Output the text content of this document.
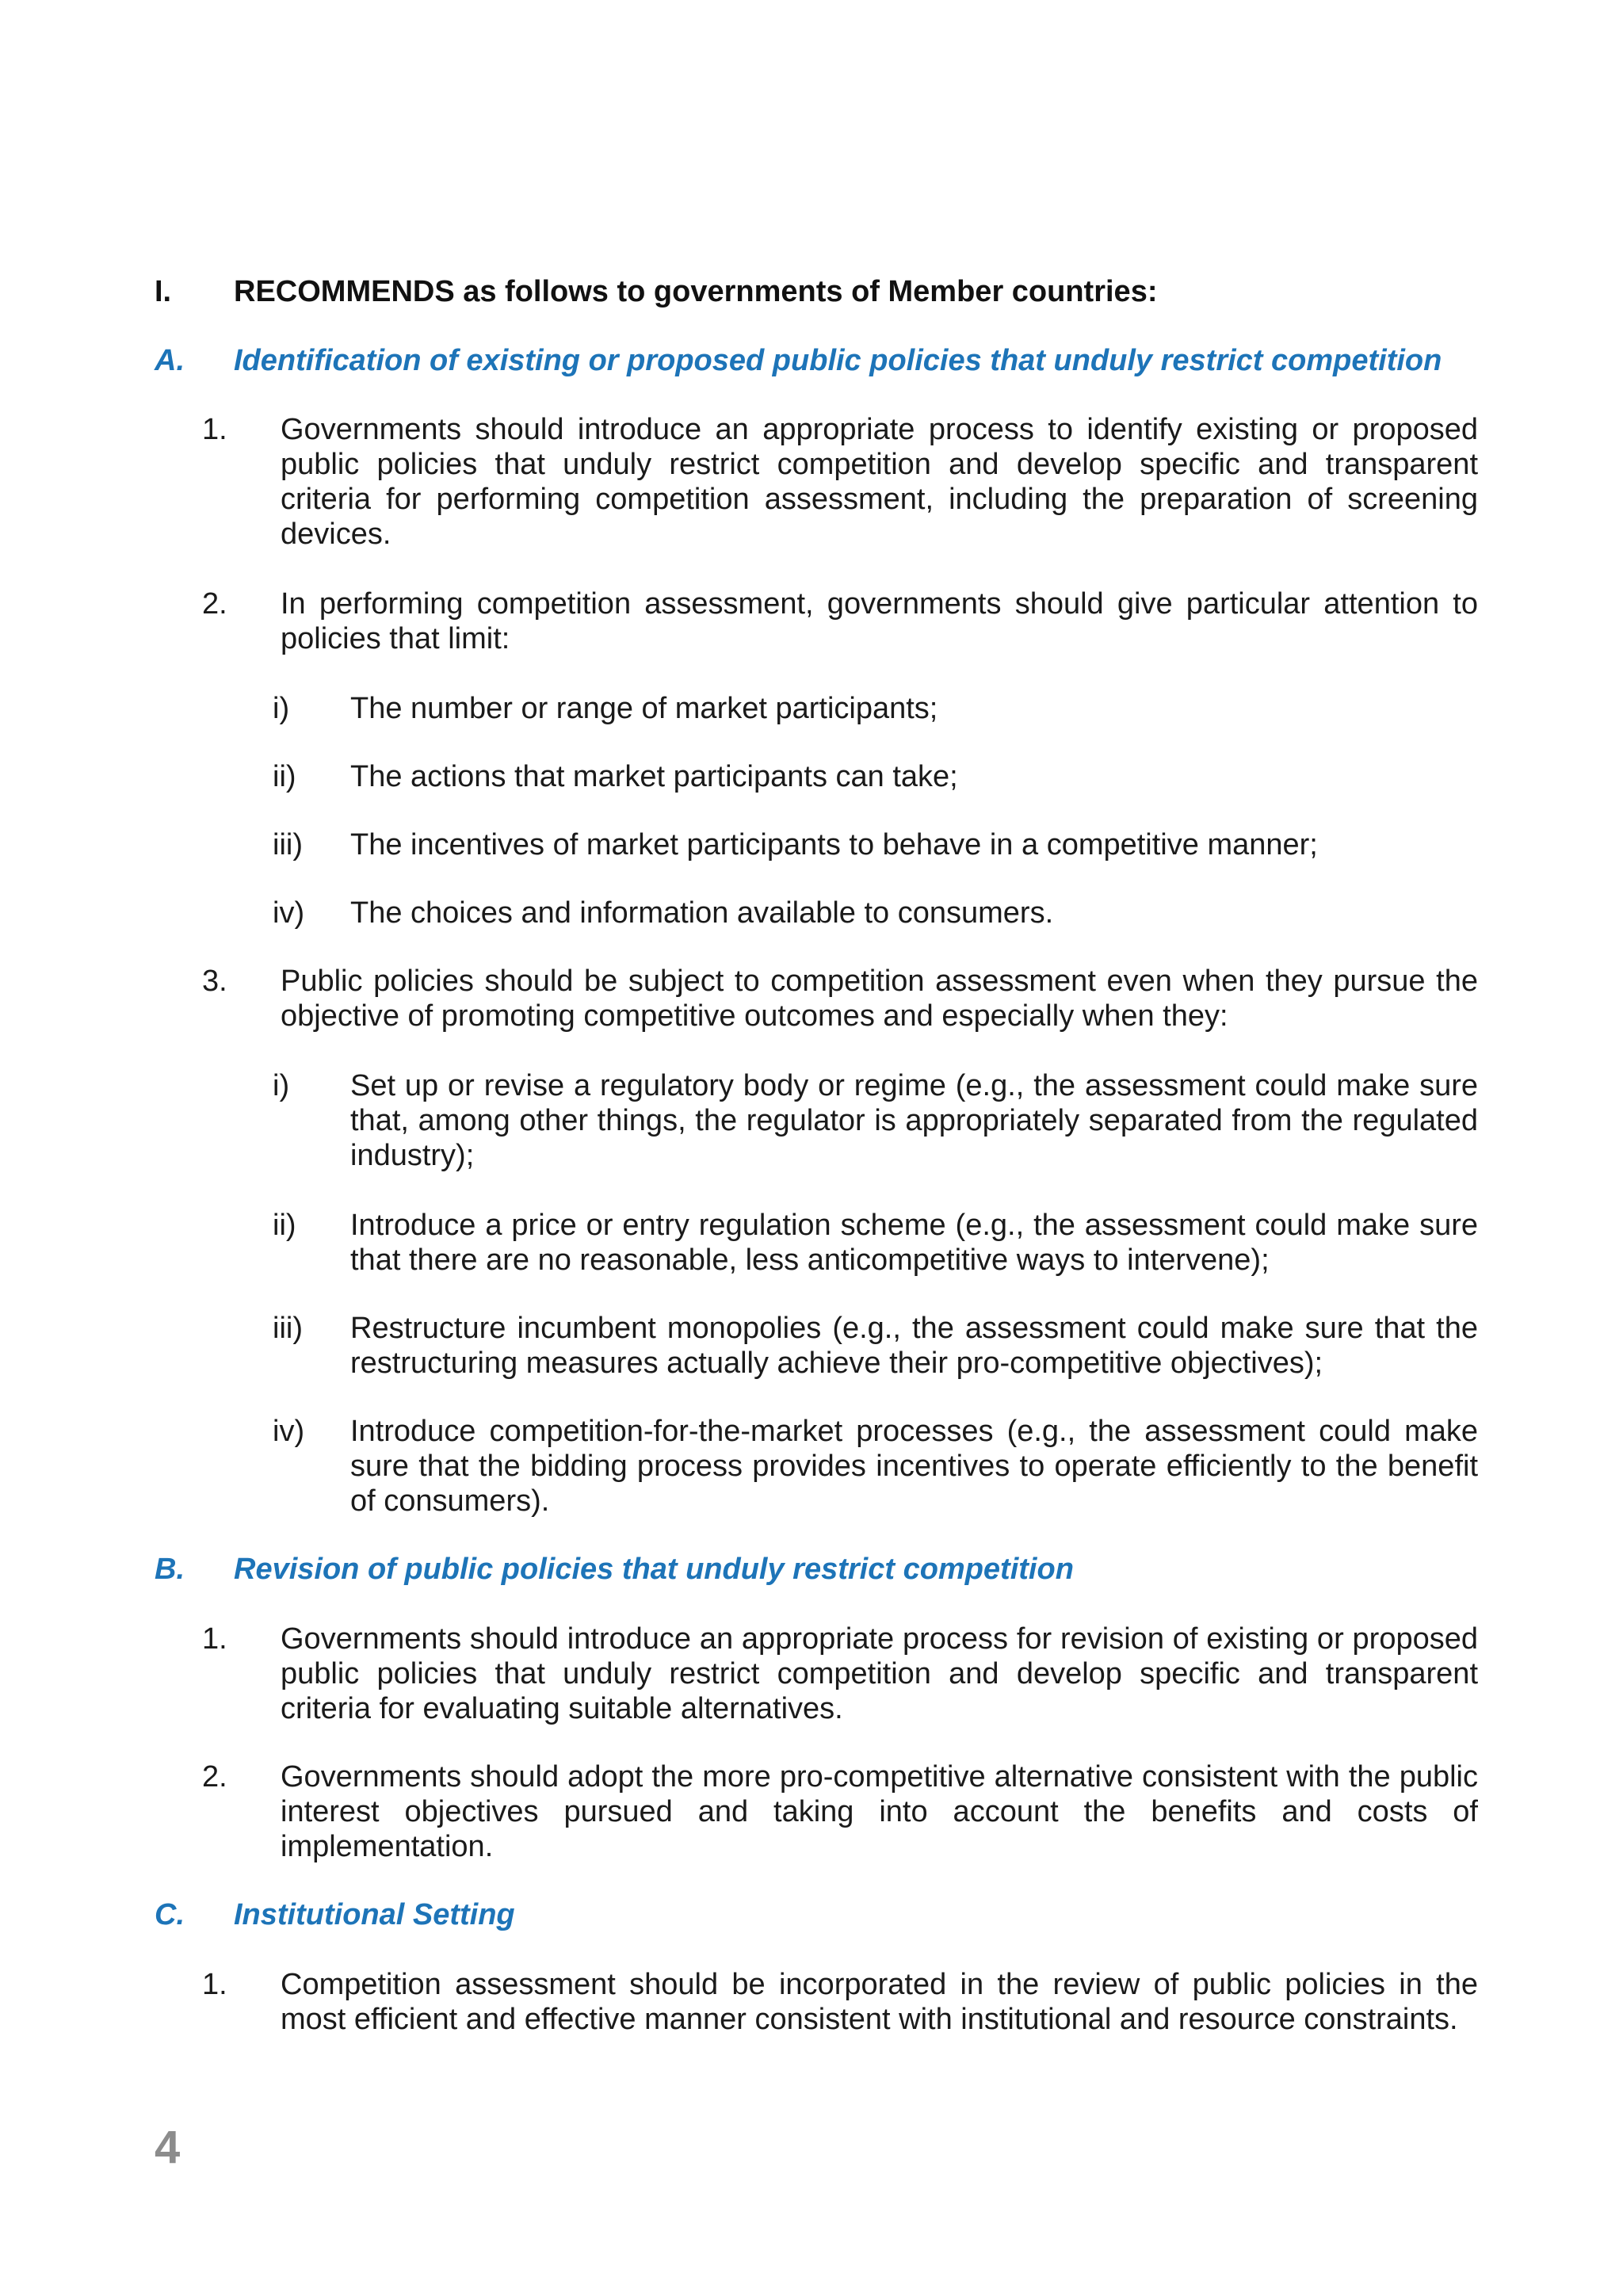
I.	RECOMMENDS as follows to governments of Member countries:
A.	Identification of existing or proposed public policies that unduly restrict competition
1.	Governments should introduce an appropriate process to identify existing or proposed public policies that unduly restrict competition and develop specific and transparent criteria for performing competition assessment, including the preparation of screening devices.
2.	In performing competition assessment, governments should give particular attention to policies that limit:
i)	The number or range of market participants;
ii)	The actions that market participants can take;
iii)	The incentives of market participants to behave in a competitive manner;
iv)	The choices and information available to consumers.
3.	Public policies should be subject to competition assessment even when they pursue the objective of promoting competitive outcomes and especially when they:
i)	Set up or revise a regulatory body or regime (e.g., the assessment could make sure that, among other things, the regulator is appropriately separated from the regulated industry);
ii)	Introduce a price or entry regulation scheme (e.g., the assessment could make sure that there are no reasonable, less anticompetitive ways to intervene);
iii)	Restructure incumbent monopolies (e.g., the assessment could make sure that the restructuring measures actually achieve their pro-competitive objectives);
iv)	Introduce competition-for-the-market processes (e.g., the assessment could make sure that the bidding process provides incentives to operate efficiently to the benefit of consumers).
B.	Revision of public policies that unduly restrict competition
1.	Governments should introduce an appropriate process for revision of existing or proposed public policies that unduly restrict competition and develop specific and transparent criteria for evaluating suitable alternatives.
2.	Governments should adopt the more pro-competitive alternative consistent with the public interest objectives pursued and taking into account the benefits and costs of implementation.
C.	Institutional Setting
1.	Competition assessment should be incorporated in the review of public policies in the most efficient and effective manner consistent with institutional and resource constraints.
4
